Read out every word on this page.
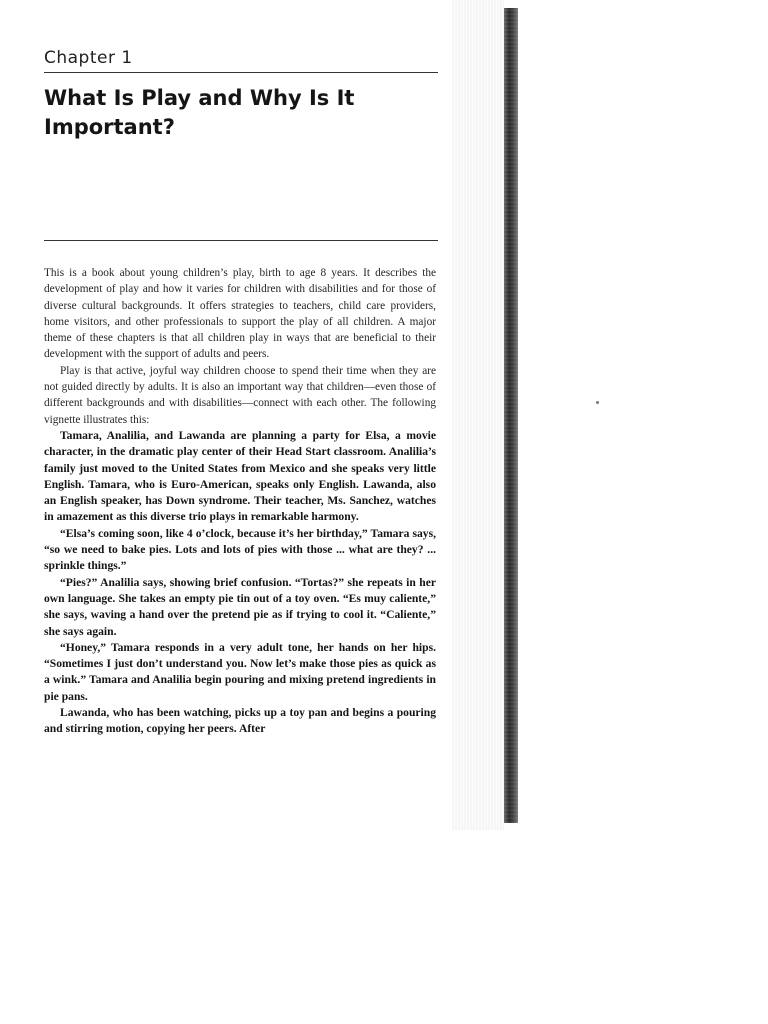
Chapter 1
What Is Play and Why Is It Important?

This is a book about young children’s play, birth to age 8 years. It describes the development of play and how it varies for children with disabilities and for those of diverse cultural backgrounds. It offers strategies to teachers, child care providers, home visitors, and other professionals to support the play of all children. A major theme of these chapters is that all children play in ways that are beneficial to their development with the support of adults and peers.

Play is that active, joyful way children choose to spend their time when they are not guided directly by adults. It is also an important way that children—even those of different backgrounds and with disabilities—connect with each other. The following vignette illustrates this:

Tamara, Analilia, and Lawanda are planning a party for Elsa, a movie character, in the dramatic play center of their Head Start classroom. Analilia’s family just moved to the United States from Mexico and she speaks very little English. Tamara, who is Euro-American, speaks only English. Lawanda, also an English speaker, has Down syndrome. Their teacher, Ms. Sanchez, watches in amazement as this diverse trio plays in remarkable harmony.

“Elsa’s coming soon, like 4 o’clock, because it’s her birthday,” Tamara says, “so we need to bake pies. Lots and lots of pies with those ... what are they? ... sprinkle things.”

“Pies?” Analilia says, showing brief confusion. “Tortas?” she repeats in her own language. She takes an empty pie tin out of a toy oven. “Es muy caliente,” she says, waving a hand over the pretend pie as if trying to cool it. “Caliente,” she says again.

“Honey,” Tamara responds in a very adult tone, her hands on her hips. “Sometimes I just don’t understand you. Now let’s make those pies as quick as a wink.” Tamara and Analilia begin pouring and mixing pretend ingredients in pie pans.

Lawanda, who has been watching, picks up a toy pan and begins a pouring and stirring motion, copying her peers. After
